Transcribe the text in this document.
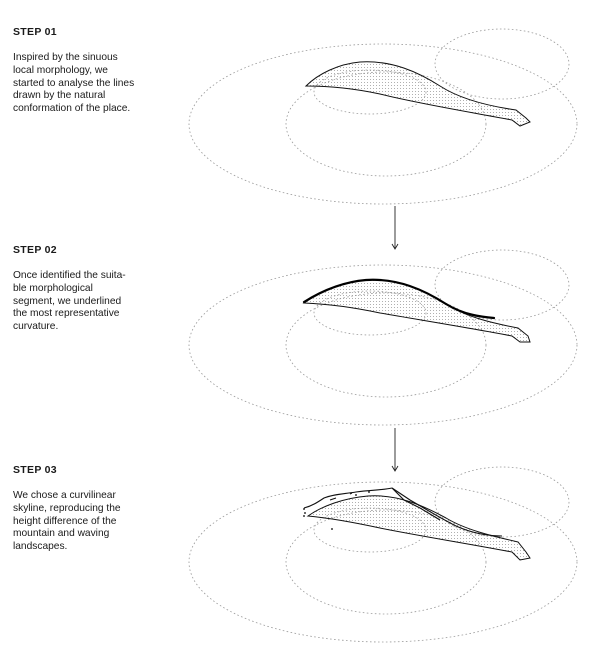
STEP 01

Inspired by the sinuous
local morphology, we
started to analyse the lines
drawn by the natural
conformation of the place.

STEP 02

Once identified the suita-
ble morphological
segment, we underlined
the most representative
curvature.

STEP 03

We chose a curvilinear
skyline, reproducing the
height difference of the
mountain and waving
landscapes.
